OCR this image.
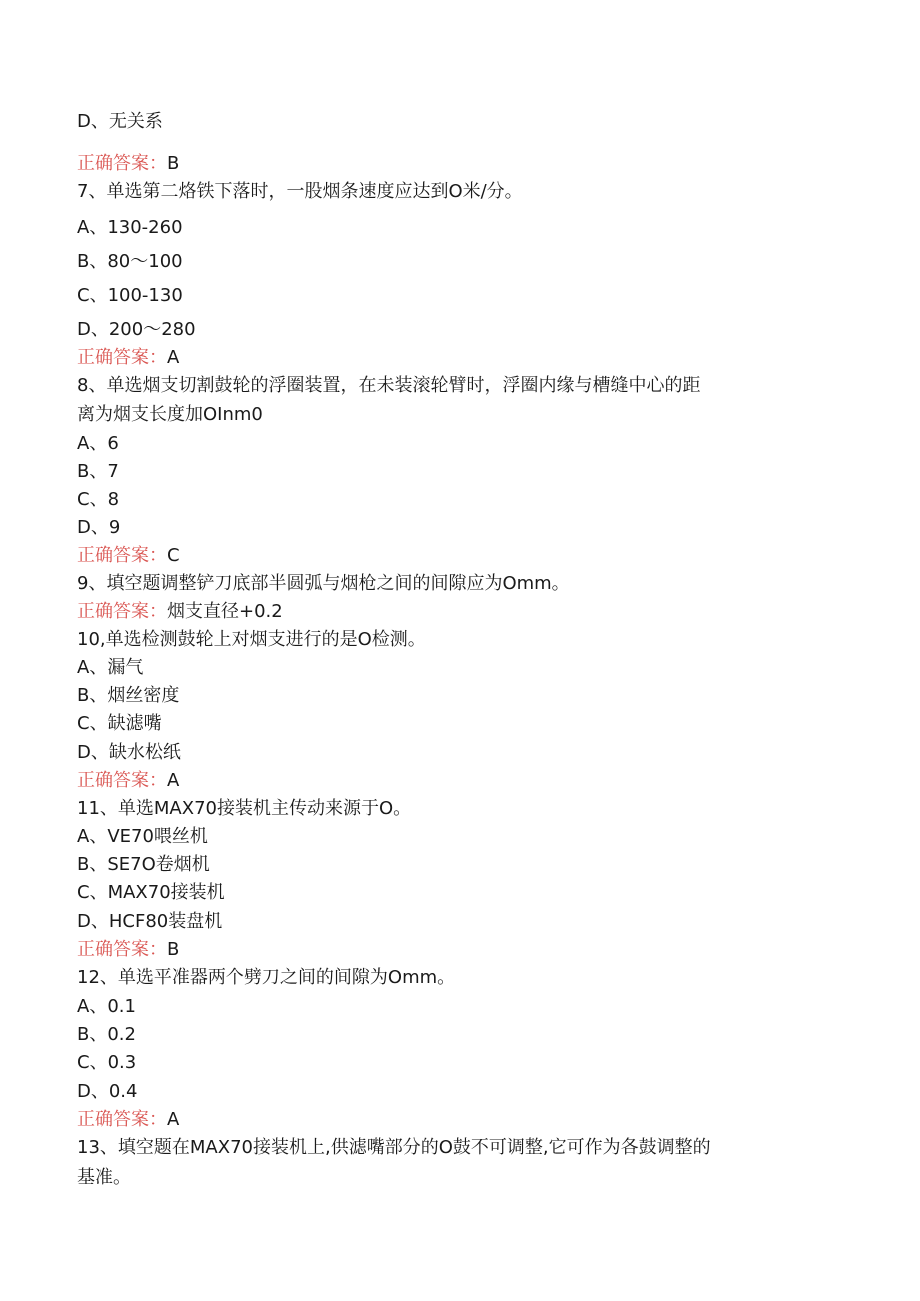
D、无关系
正确答案：B
7、单选第二烙铁下落时，一股烟条速度应达到O米/分。
A、130-260
B、80～100
C、100-130
D、200～280
正确答案：A
8、单选烟支切割鼓轮的浮圈装置，在未装滚轮臂时，浮圈内缘与槽缝中心的距
离为烟支长度加OInm0
A、6
B、7
C、8
D、9
正确答案：C
9、填空题调整铲刀底部半圆弧与烟枪之间的间隙应为Omm。
正确答案：烟支直径+0.2
10,单选检测鼓轮上对烟支进行的是O检测。
A、漏气
B、烟丝密度
C、缺滤嘴
D、缺水松纸
正确答案：A
11、单选MAX70接装机主传动来源于O。
A、VE70喂丝机
B、SE7O卷烟机
C、MAX70接装机
D、HCF80装盘机
正确答案：B
12、单选平准器两个劈刀之间的间隙为Omm。
A、0.1
B、0.2
C、0.3
D、0.4
正确答案：A
13、填空题在MAX70接装机上,供滤嘴部分的O鼓不可调整,它可作为各鼓调整的
基准。
